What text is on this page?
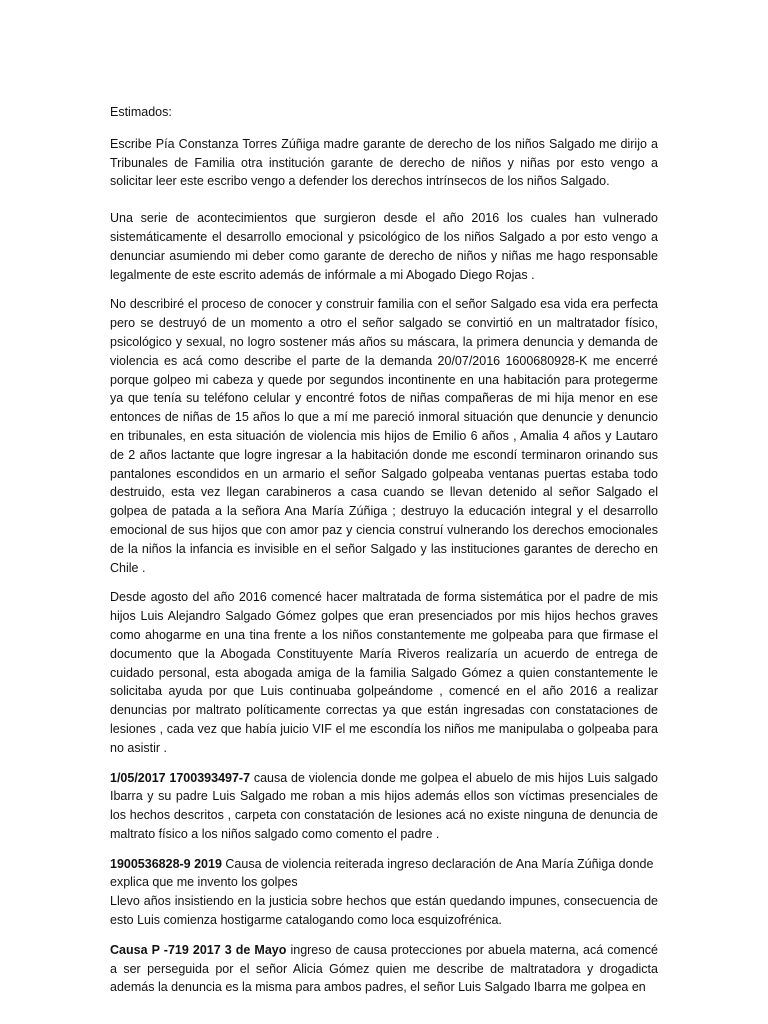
Estimados:

Escribe Pía Constanza Torres Zúñiga madre garante de derecho de los niños Salgado me dirijo a Tribunales de Familia otra institución garante de derecho de niños y niñas por esto vengo a solicitar leer este escribo vengo a defender los derechos intrínsecos de los niños Salgado.

Una serie de acontecimientos que surgieron desde el año 2016 los cuales han vulnerado sistemáticamente el desarrollo emocional y psicológico de los niños Salgado a por esto vengo a denunciar asumiendo mi deber como garante de derecho de niños y niñas me hago responsable legalmente de este escrito además de infórmale a mi Abogado Diego Rojas .

No describiré el proceso de conocer y construir familia con el señor Salgado esa vida era perfecta pero se destruyó de un momento a otro el señor salgado se convirtió en un maltratador físico, psicológico y sexual, no logro sostener más años su máscara, la primera denuncia y demanda de violencia es acá como describe el parte de la demanda 20/07/2016 1600680928-K me encerré porque golpeo mi cabeza y quede por segundos incontinente en una habitación para protegerme ya que tenía su teléfono celular y encontré fotos de niñas compañeras de mi hija menor en ese entonces de niñas de 15 años lo que a mí me pareció inmoral situación que denuncie y denuncio en tribunales, en esta situación de violencia mis hijos de Emilio 6 años , Amalia 4 años y Lautaro de 2 años lactante que logre ingresar a la habitación donde me escondí terminaron orinando sus pantalones escondidos en un armario el señor Salgado golpeaba ventanas puertas estaba todo destruido, esta vez llegan carabineros a casa cuando se llevan detenido al señor Salgado el golpea de patada a la señora Ana María Zúñiga ; destruyo la educación integral y el desarrollo emocional de sus hijos que con amor paz y ciencia construí vulnerando los derechos emocionales de la niños la infancia es invisible en el señor Salgado y las instituciones garantes de derecho en Chile .

Desde agosto del año 2016 comencé hacer maltratada de forma sistemática por el padre de mis hijos Luis Alejandro Salgado Gómez golpes que eran presenciados por mis hijos hechos graves como ahogarme en una tina frente a los niños constantemente me golpeaba para que firmase el documento que la Abogada Constituyente María Riveros realizaría un acuerdo de entrega de cuidado personal, esta abogada amiga de la familia Salgado Gómez a quien constantemente le solicitaba ayuda por que Luis continuaba golpeándome , comencé en el año 2016 a realizar denuncias por maltrato políticamente correctas ya que están ingresadas con constataciones de lesiones , cada vez que había juicio VIF el me escondía los niños me manipulaba o golpeaba para no asistir .

1/05/2017 1700393497-7 causa de violencia donde me golpea el abuelo de mis hijos Luis salgado Ibarra y su padre Luis Salgado me roban a mis hijos además ellos son víctimas presenciales de los hechos descritos , carpeta con constatación de lesiones acá no existe ninguna de denuncia de maltrato físico a los niños salgado como comento el padre .

1900536828-9 2019 Causa de violencia reiterada ingreso declaración de Ana María Zúñiga donde explica que me invento los golpes

Llevo años insistiendo en la justicia sobre hechos que están quedando impunes, consecuencia de esto Luis comienza hostigarme catalogando como loca esquizofrénica.

Causa P -719 2017 3 de Mayo ingreso de causa protecciones por abuela materna, acá comencé a ser perseguida por el señor Alicia Gómez quien me describe de maltratadora y drogadicta además la denuncia es la misma para ambos padres, el señor Luis Salgado Ibarra me golpea en
